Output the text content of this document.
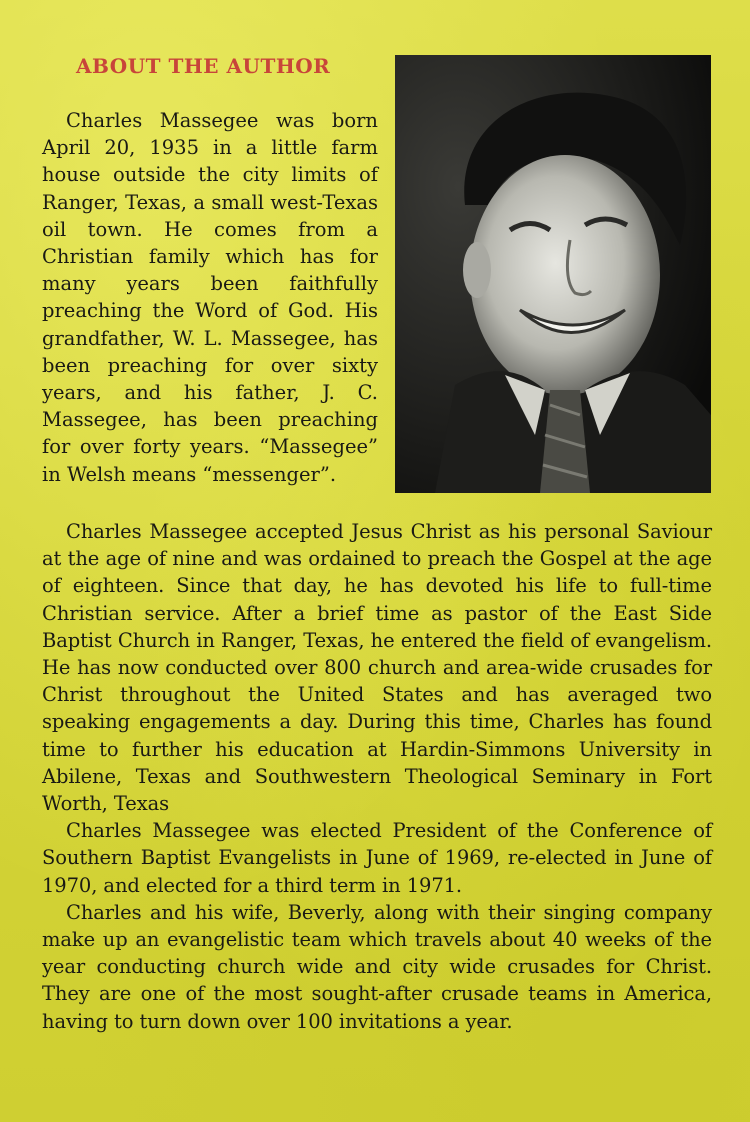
ABOUT THE AUTHOR

Charles Massegee was born April 20, 1935 in a little farm house outside the city limits of Ranger, Texas, a small west-Texas oil town. He comes from a Christian family which has for many years been faithfully preaching the Word of God. His grandfather, W. L. Massegee, has been preaching for over sixty years, and his father, J. C. Massegee, has been preaching for over forty years. “Massegee” in Welsh means “messenger”.

Charles Massegee accepted Jesus Christ as his personal Saviour at the age of nine and was ordained to preach the Gospel at the age of eighteen. Since that day, he has devoted his life to full-time Christian service. After a brief time as pastor of the East Side Baptist Church in Ranger, Texas, he entered the field of evangelism. He has now conducted over 800 church and area-wide crusades for Christ throughout the United States and has averaged two speaking engagements a day. During this time, Charles has found time to further his education at Hardin-Simmons University in Abilene, Texas and Southwestern Theological Seminary in Fort Worth, Texas

Charles Massegee was elected President of the Conference of Southern Baptist Evangelists in June of 1969, re-elected in June of 1970, and elected for a third term in 1971.

Charles and his wife, Beverly, along with their singing company make up an evangelistic team which travels about 40 weeks of the year conducting church wide and city wide crusades for Christ. They are one of the most sought-after crusade teams in America, having to turn down over 100 invitations a year.
